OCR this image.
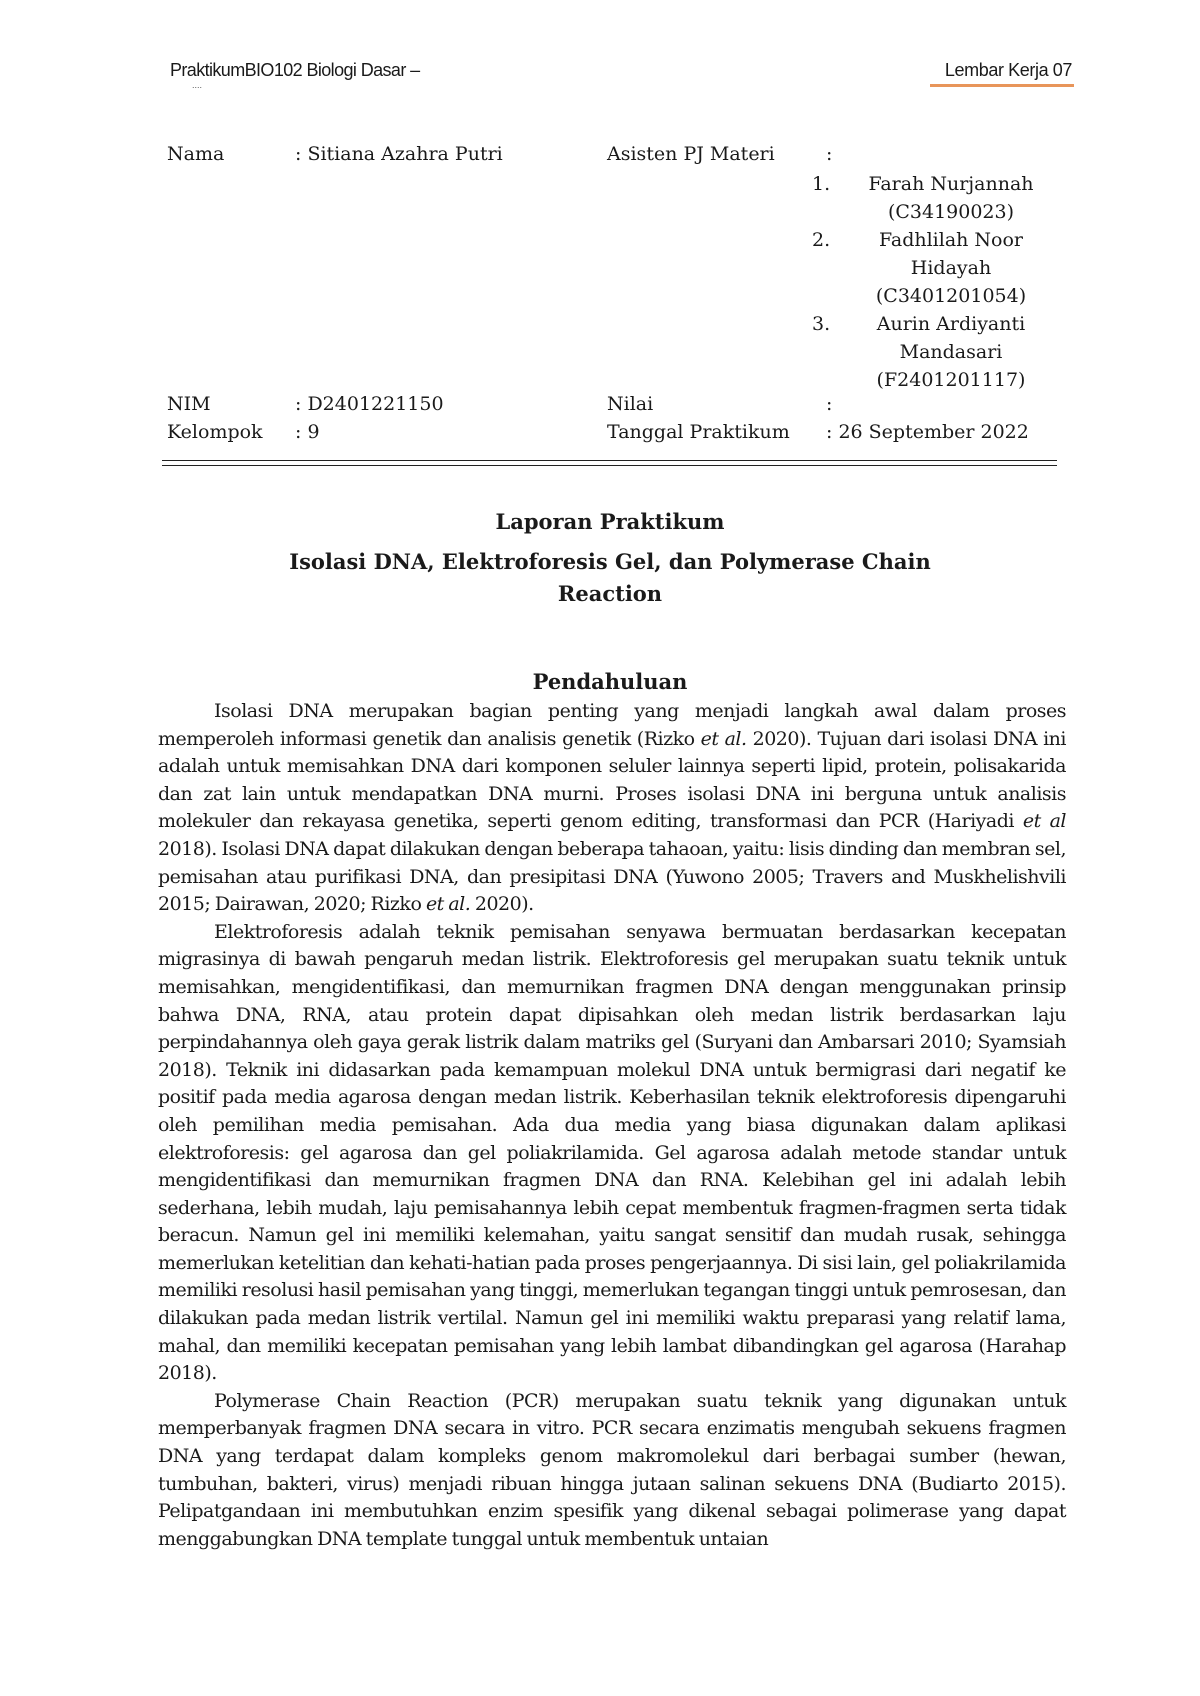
PraktikumBIO102 Biologi Dasar –
....
Lembar Kerja 07
Nama	: Sitiana Azahra Putri	Asisten PJ Materi	:
1. Farah Nurjannah (C34190023)
2.	Fadhlilah Noor Hidayah (C3401201054)
3. Aurin Ardiyanti Mandasari (F2401201117)
NIM	: D2401221150	Nilai	:
Kelompok : 9	Tanggal Praktikum : 26 September 2022
Laporan Praktikum
Isolasi DNA, Elektroforesis Gel, dan Polymerase Chain
Reaction
Pendahuluan

Isolasi DNA merupakan bagian penting yang menjadi langkah awal dalam proses memperoleh informasi genetik dan analisis genetik (Rizko et al. 2020). Tujuan dari isolasi DNA ini adalah untuk memisahkan DNA dari komponen seluler lainnya seperti lipid, protein, polisakarida dan zat lain untuk mendapatkan DNA murni. Proses isolasi DNA ini berguna untuk analisis molekuler dan rekayasa genetika, seperti genom editing, transformasi dan PCR (Hariyadi et al 2018). Isolasi DNA dapat dilakukan dengan beberapa tahaoan, yaitu: lisis dinding dan membran sel, pemisahan atau purifikasi DNA, dan presipitasi DNA (Yuwono 2005; Travers and Muskhelishvili 2015; Dairawan, 2020; Rizko et al. 2020).

Elektroforesis adalah teknik pemisahan senyawa bermuatan berdasarkan kecepatan migrasinya di bawah pengaruh medan listrik. Elektroforesis gel merupakan suatu teknik untuk memisahkan, mengidentifikasi, dan memurnikan fragmen DNA dengan menggunakan prinsip bahwa DNA, RNA, atau protein dapat dipisahkan oleh medan listrik berdasarkan laju perpindahannya oleh gaya gerak listrik dalam matriks gel (Suryani dan Ambarsari 2010; Syamsiah 2018). Teknik ini didasarkan pada kemampuan molekul DNA untuk bermigrasi dari negatif ke positif pada media agarosa dengan medan listrik. Keberhasilan teknik elektroforesis dipengaruhi oleh pemilihan media pemisahan. Ada dua media yang biasa digunakan dalam aplikasi elektroforesis: gel agarosa dan gel poliakrilamida. Gel agarosa adalah metode standar untuk mengidentifikasi dan memurnikan fragmen DNA dan RNA. Kelebihan gel ini adalah lebih sederhana, lebih mudah, laju pemisahannya lebih cepat membentuk fragmen-fragmen serta tidak beracun. Namun gel ini memiliki kelemahan, yaitu sangat sensitif dan mudah rusak, sehingga memerlukan ketelitian dan kehati-hatian pada proses pengerjaannya. Di sisi lain, gel poliakrilamida memiliki resolusi hasil pemisahan yang tinggi, memerlukan tegangan tinggi untuk pemrosesan, dan dilakukan pada medan listrik vertilal. Namun gel ini memiliki waktu preparasi yang relatif lama, mahal, dan memiliki kecepatan pemisahan yang lebih lambat dibandingkan gel agarosa (Harahap 2018).

Polymerase Chain Reaction (PCR) merupakan suatu teknik yang digunakan untuk memperbanyak fragmen DNA secara in vitro. PCR secara enzimatis mengubah sekuens fragmen DNA yang terdapat dalam kompleks genom makromolekul dari berbagai sumber (hewan, tumbuhan, bakteri, virus) menjadi ribuan hingga jutaan salinan sekuens DNA (Budiarto 2015). Pelipatgandaan ini membutuhkan enzim spesifik yang dikenal sebagai polimerase yang dapat menggabungkan DNA template tunggal untuk membentuk untaian
